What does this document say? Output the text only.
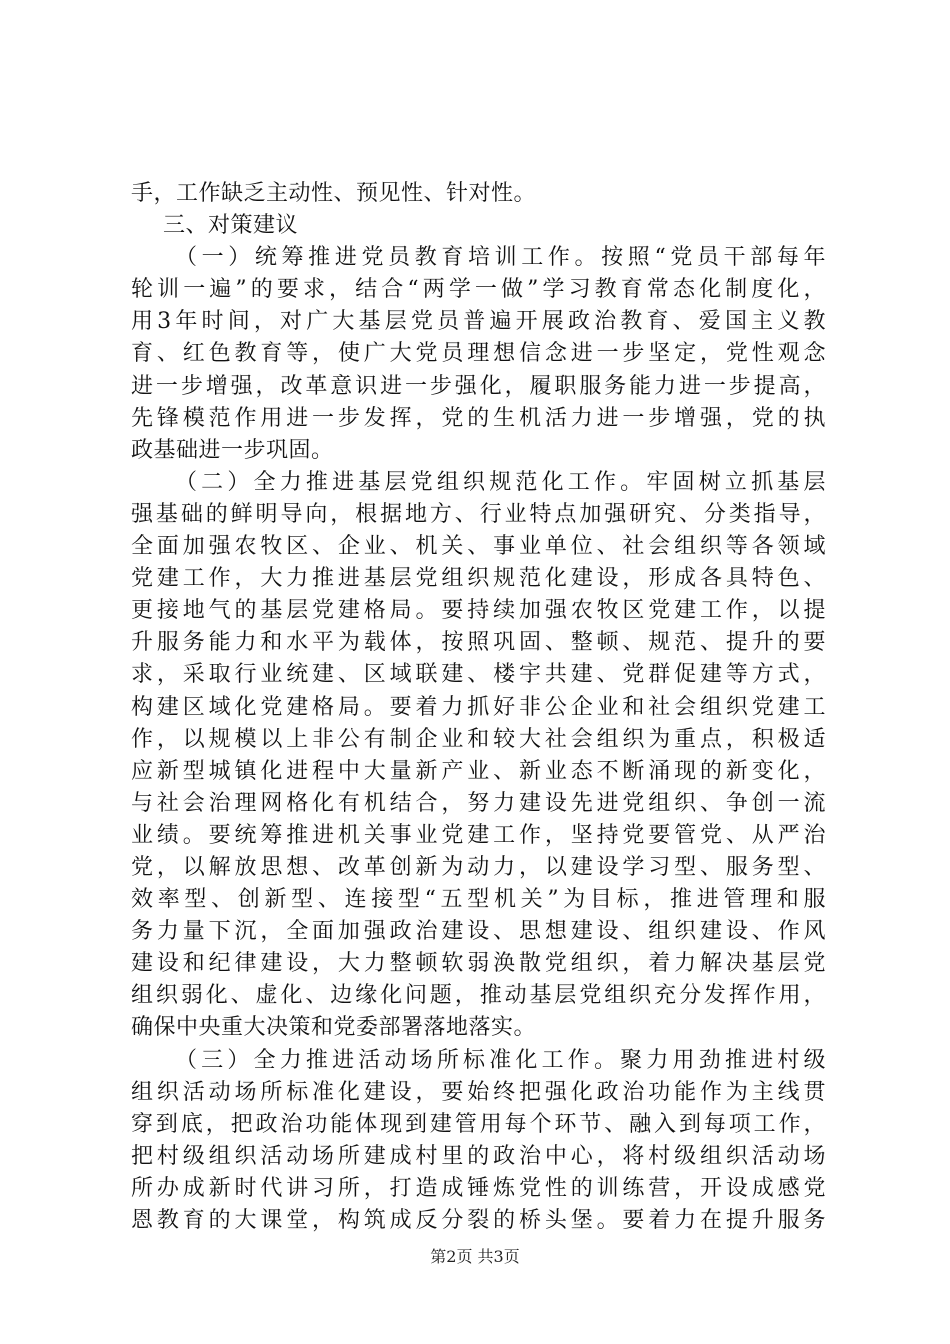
手，工作缺乏主动性、预见性、针对性。
三、对策建议
（一）统筹推进党员教育培训工作。按照“党员干部每年
轮训一遍”的要求，结合“两学一做”学习教育常态化制度化，
用3年时间，对广大基层党员普遍开展政治教育、爱国主义教
育、红色教育等，使广大党员理想信念进一步坚定，党性观念
进一步增强，改革意识进一步强化，履职服务能力进一步提高，
先锋模范作用进一步发挥，党的生机活力进一步增强，党的执
政基础进一步巩固。
（二）全力推进基层党组织规范化工作。牢固树立抓基层
强基础的鲜明导向，根据地方、行业特点加强研究、分类指导，
全面加强农牧区、企业、机关、事业单位、社会组织等各领域
党建工作，大力推进基层党组织规范化建设，形成各具特色、
更接地气的基层党建格局。要持续加强农牧区党建工作，以提
升服务能力和水平为载体，按照巩固、整顿、规范、提升的要
求，采取行业统建、区域联建、楼宇共建、党群促建等方式，
构建区域化党建格局。要着力抓好非公企业和社会组织党建工
作，以规模以上非公有制企业和较大社会组织为重点，积极适
应新型城镇化进程中大量新产业、新业态不断涌现的新变化，
与社会治理网格化有机结合，努力建设先进党组织、争创一流
业绩。要统筹推进机关事业党建工作，坚持党要管党、从严治
党，以解放思想、改革创新为动力，以建设学习型、服务型、
效率型、创新型、连接型“五型机关”为目标，推进管理和服
务力量下沉，全面加强政治建设、思想建设、组织建设、作风
建设和纪律建设，大力整顿软弱涣散党组织，着力解决基层党
组织弱化、虚化、边缘化问题，推动基层党组织充分发挥作用，
确保中央重大决策和党委部署落地落实。
（三）全力推进活动场所标准化工作。聚力用劲推进村级
组织活动场所标准化建设，要始终把强化政治功能作为主线贯
穿到底，把政治功能体现到建管用每个环节、融入到每项工作，
把村级组织活动场所建成村里的政治中心，将村级组织活动场
所办成新时代讲习所，打造成锤炼党性的训练营，开设成感党
恩教育的大课堂，构筑成反分裂的桥头堡。要着力在提升服务
第2页 共3页
